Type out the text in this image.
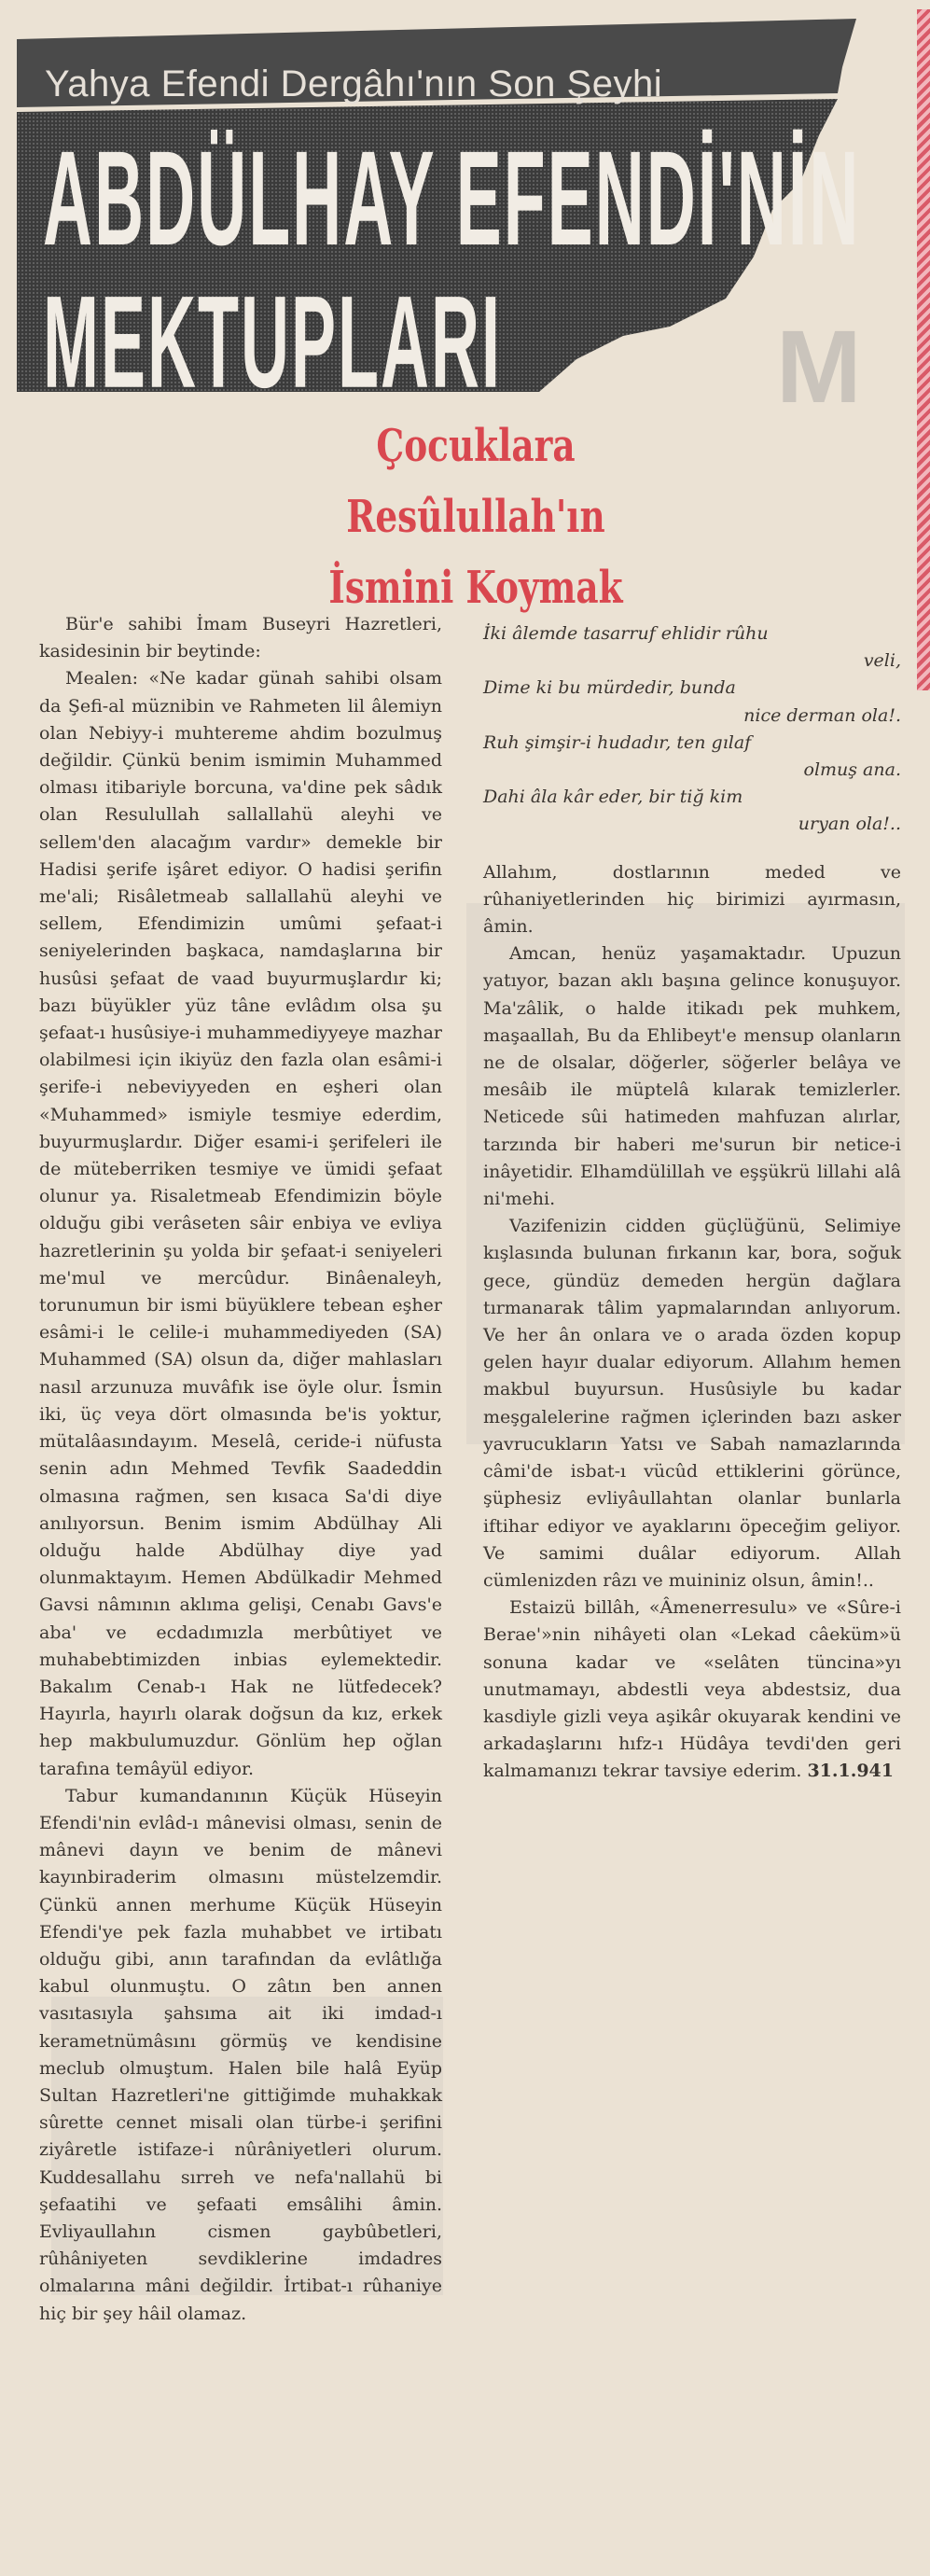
M
Yahya Efendi Dergâhı'nın Son Şeyhi
ABDÜLHAY EFENDİ'NİN
MEKTUPLARI
Çocuklara Resûlullah'ın
İsmini Koymak

Bür'e sahibi İmam Buseyri Hazretleri, kasidesinin bir beytinde:

Mealen: «Ne kadar günah sahibi olsam da Şefi-al müznibin ve Rahmeten lil âlemiyn olan Nebiyy-i muhtereme ahdim bozulmuş değildir. Çünkü benim ismimin Muhammed olması itibariyle borcuna, va'dine pek sâdık olan Resulullah sallallahü aleyhi ve sellem'den alacağım vardır» demekle bir Hadisi şerife işâret ediyor. O hadisi şerifin me'ali; Risâletmeab sallallahü aleyhi ve sellem, Efendimizin umûmi şefaat-i seniyelerinden başkaca, namdaşlarına bir husûsi şefaat de vaad buyurmuşlardır ki; bazı büyükler yüz tâne evlâdım olsa şu şefaat-ı husûsiye-i muhammediyyeye mazhar olabilmesi için ikiyüz den fazla olan esâmi-i şerife-i nebeviyyeden en eşheri olan «Muhammed» ismiyle tesmiye ederdim, buyurmuşlardır. Diğer esami-i şerifeleri ile de müteberriken tesmiye ve ümidi şefaat olunur ya. Risaletmeab Efendimizin böyle olduğu gibi verâseten sâir enbiya ve evliya hazretlerinin şu yolda bir şefaat-i seniyeleri me'mul ve mercûdur. Binâenaleyh, torunumun bir ismi büyüklere tebean eşher esâmi-i le celile-i muhammediyeden (SA) Muhammed (SA) olsun da, diğer mahlasları nasıl arzunuza muvâfık ise öyle olur. İsmin iki, üç veya dört olmasında be'is yoktur, mütalâasındayım. Meselâ, ceride-i nüfusta senin adın Mehmed Tevfik Saadeddin olmasına rağmen, sen kısaca Sa'di diye anılıyorsun. Benim ismim Abdülhay Ali olduğu halde Abdülhay diye yad olunmaktayım. Hemen Abdülkadir Mehmed Gavsi nâmının aklıma gelişi, Cenabı Gavs'e aba' ve ecdadımızla merbûtiyet ve muhabebtimizden inbias eylemektedir. Bakalım Cenab-ı Hak ne lütfedecek? Hayırla, hayırlı olarak doğsun da kız, erkek hep makbulumuzdur. Gönlüm hep oğlan tarafına temâyül ediyor.

Tabur kumandanının Küçük Hüseyin Efendi'nin evlâd-ı mânevisi olması, senin de mânevi dayın ve benim de mânevi kayınbiraderim olmasını müstelzemdir. Çünkü annen merhume Küçük Hüseyin Efendi'ye pek fazla muhabbet ve irtibatı olduğu gibi, anın tarafından da evlâtlığa kabul olunmuştu. O zâtın ben annen vasıtasıyla şahsıma ait iki imdad-ı kerametnümâsını görmüş ve kendisine meclub olmuştum. Halen bile halâ Eyüp Sultan Hazretleri'ne gittiğimde muhakkak sûrette cennet misali olan türbe-i şerifini ziyâretle istifaze-i nûrâniyetleri olurum. Kuddesallahu sırreh ve nefa'nallahü bi şefaatihi ve şefaati emsâlihi âmin. Evliyaullahın cismen gaybûbetleri, rûhâniyeten sevdiklerine imdadres olmalarına mâni değildir. İrtibat-ı rûhaniye hiç bir şey hâil olamaz.

İki âlemde tasarruf ehlidir rûhu
veli,
Dime ki bu mürdedir, bunda
nice derman ola!.
Ruh şimşir-i hudadır, ten gılaf
olmuş ana.
Dahi âla kâr eder, bir tiğ kim
uryan ola!..

Allahım, dostlarının meded ve rûhaniyetlerinden hiç birimizi ayırmasın, âmin.

Amcan, henüz yaşamaktadır. Upuzun yatıyor, bazan aklı başına gelince konuşuyor. Ma'zâlik, o halde itikadı pek muhkem, maşaallah, Bu da Ehlibeyt'e mensup olanların ne de olsalar, döğerler, söğerler belâya ve mesâib ile müptelâ kılarak temizlerler. Neticede sûi hatimeden mahfuzan alırlar, tarzında bir haberi me'surun bir netice-i inâyetidir. Elhamdülillah ve eşşükrü lillahi alâ ni'mehi.

Vazifenizin cidden güçlüğünü, Selimiye kışlasında bulunan fırkanın kar, bora, soğuk gece, gündüz demeden hergün dağlara tırmanarak tâlim yapmalarından anlıyorum. Ve her ân onlara ve o arada özden kopup gelen hayır dualar ediyorum. Allahım hemen makbul buyursun. Husûsiyle bu kadar meşgalelerine rağmen içlerinden bazı asker yavrucukların Yatsı ve Sabah namazlarında câmi'de isbat-ı vücûd ettiklerini görünce, şüphesiz evliyâullahtan olanlar bunlarla iftihar ediyor ve ayaklarını öpeceğim geliyor. Ve samimi duâlar ediyorum. Allah cümlenizden râzı ve muininiz olsun, âmin!..

Estaizü billâh, «Âmenerresulu» ve «Sûre-i Berae'»nin nihâyeti olan «Lekad câeküm»ü sonuna kadar ve «selâten tüncina»yı unutmamayı, abdestli veya abdestsiz, dua kasdiyle gizli veya aşikâr okuyarak kendini ve arkadaşlarını hıfz-ı Hüdâya tevdi'den geri kalmamanızı tekrar tavsiye ederim. 31.1.941
